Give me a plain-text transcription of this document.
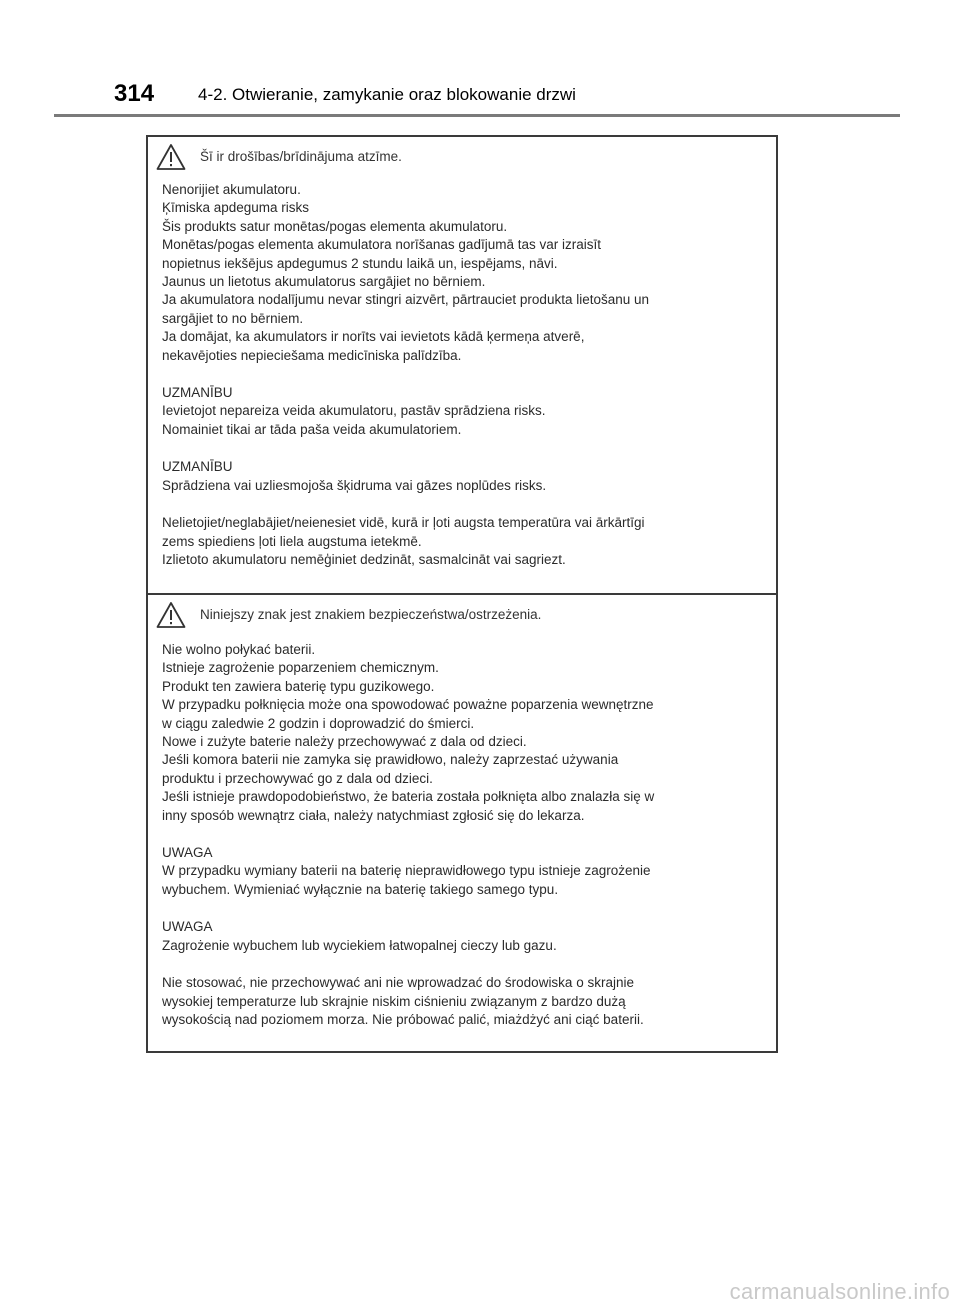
314	4-2. Otwieranie, zamykanie oraz blokowanie drzwi
Šī ir drošības/brīdinājuma atzīme.

Nenorijiet akumulatoru.
Ķīmiska apdeguma risks
Šis produkts satur monētas/pogas elementa akumulatoru.
Monētas/pogas elementa akumulatora norīšanas gadījumā tas var izraisīt
nopietnus iekšējus apdegumus 2 stundu laikā un, iespējams, nāvi.
Jaunus un lietotus akumulatorus sargājiet no bērniem.
Ja akumulatora nodalījumu nevar stingri aizvērt, pārtrauciet produkta lietošanu un
sargājiet to no bērniem.
Ja domājat, ka akumulators ir norīts vai ievietots kādā ķermeņa atverē,
nekavējoties nepieciešama medicīniska palīdzība.

UZMANĪBU
Ievietojot nepareiza veida akumulatoru, pastāv sprādziena risks.
Nomainiet tikai ar tāda paša veida akumulatoriem.

UZMANĪBU
Sprādziena vai uzliesmojoša šķidruma vai gāzes noplūdes risks.

Nelietojiet/neglabājiet/neienesiet vidē, kurā ir ļoti augsta temperatūra vai ārkārtīgi
zems spiediens ļoti liela augstuma ietekmē.
Izlietoto akumulatoru nemēģiniet dedzināt, sasmalcināt vai sagriezt.

Niniejszy znak jest znakiem bezpieczeństwa/ostrzeżenia.

Nie wolno połykać baterii.
Istnieje zagrożenie poparzeniem chemicznym.
Produkt ten zawiera baterię typu guzikowego.
W przypadku połknięcia może ona spowodować poważne poparzenia wewnętrzne
w ciągu zaledwie 2 godzin i doprowadzić do śmierci.
Nowe i zużyte baterie należy przechowywać z dala od dzieci.
Jeśli komora baterii nie zamyka się prawidłowo, należy zaprzestać używania
produktu i przechowywać go z dala od dzieci.
Jeśli istnieje prawdopodobieństwo, że bateria została połknięta albo znalazła się w
inny sposób wewnątrz ciała, należy natychmiast zgłosić się do lekarza.

UWAGA
W przypadku wymiany baterii na baterię nieprawidłowego typu istnieje zagrożenie
wybuchem. Wymieniać wyłącznie na baterię takiego samego typu.

UWAGA
Zagrożenie wybuchem lub wyciekiem łatwopalnej cieczy lub gazu.

Nie stosować, nie przechowywać ani nie wprowadzać do środowiska o skrajnie
wysokiej temperaturze lub skrajnie niskim ciśnieniu związanym z bardzo dużą
wysokością nad poziomem morza. Nie próbować palić, miażdżyć ani ciąć baterii.

carmanualsonline.info
